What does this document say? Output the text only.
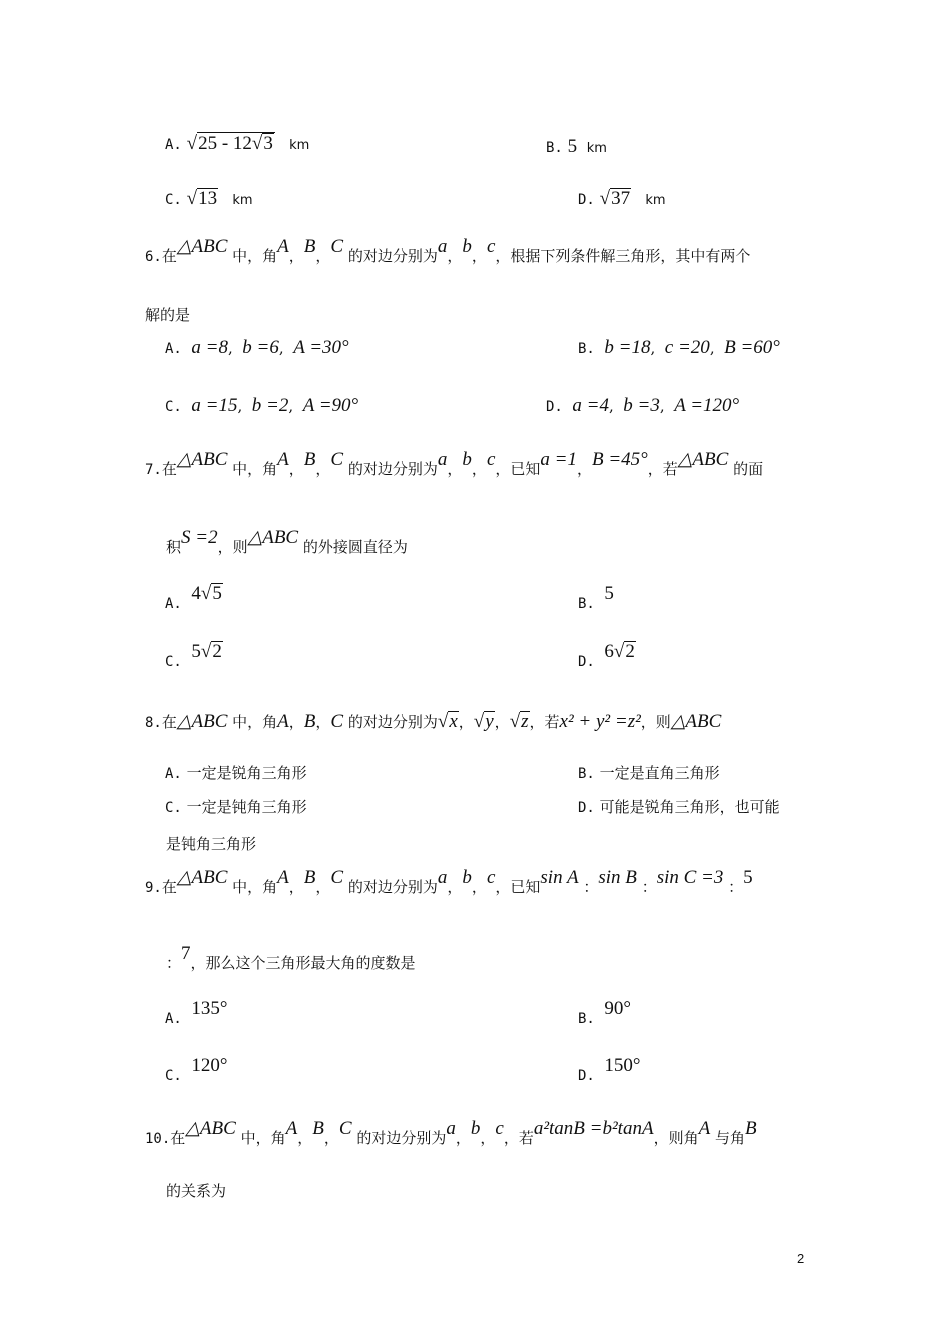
A. √25 - 12√3 km	B. 5 km
C. √13 km	D. √37 km
6.在△ABC 中，角A，B，C 的对边分别为a，b，c，根据下列条件解三角形，其中有两个
解的是
A. a =8,  b =6,  A =30°	B. b =18,  c =20,  B =60°
C. a =15,  b =2,  A =90°	D. a =4,  b =3,  A =120°
7.在△ABC 中，角A，B，C 的对边分别为a，b，c，已知a =1，B =45°，若△ABC 的面
积S =2，则△ABC 的外接圆直径为
A. 4√5	B. 5
C. 5√2	D. 6√2
8.在△ABC 中，角A，B，C 的对边分别为√x，√y，√z，若x² + y² =z²，则△ABC
A. 一定是锐角三角形	B. 一定是直角三角形
C. 一定是钝角三角形	D. 可能是锐角三角形，也可能
是钝角三角形
9.在△ABC 中，角A，B，C 的对边分别为a，b，c，已知sin A ：sin B ：sin C =3 ：5
：7，那么这个三角形最大角的度数是
A. 135°	B. 90°
C. 120°	D. 150°
10.在△ABC 中，角A，B，C 的对边分别为a，b，c，若a²tanB =b²tanA，则角A 与角B
的关系为
2
